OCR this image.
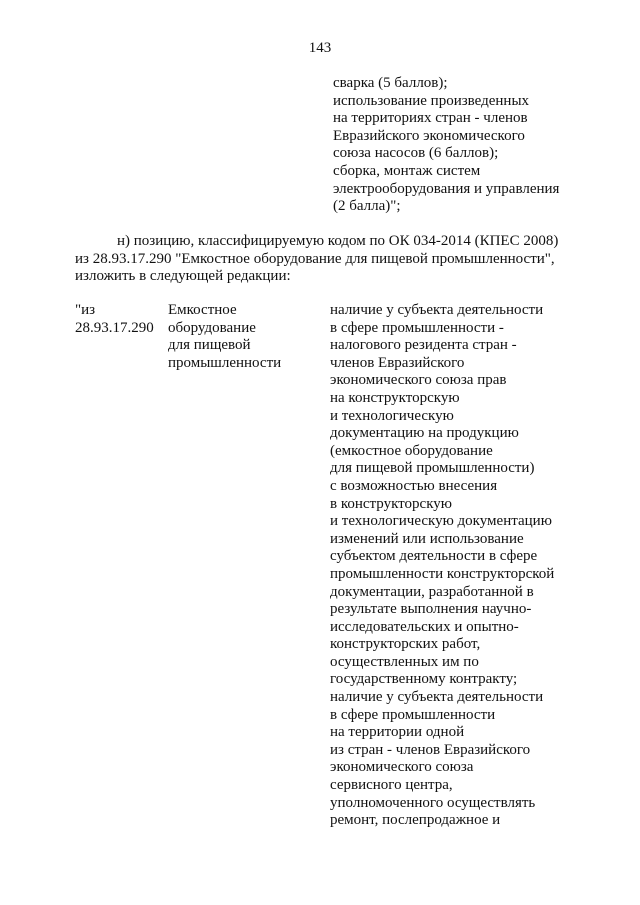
143
сварка (5 баллов);
использование произведенных
на территориях стран - членов
Евразийского экономического
союза насосов (6 баллов);
сборка, монтаж систем
электрооборудования и управления
(2 балла)";
н) позицию, классифицируемую кодом по ОК 034-2014 (КПЕС 2008)
из 28.93.17.290 "Емкостное оборудование для пищевой промышленности",
изложить в следующей редакции:
"из
28.93.17.290
Емкостное
оборудование
для пищевой
промышленности
наличие у субъекта деятельности
в сфере промышленности -
налогового резидента стран -
членов Евразийского
экономического союза прав
на конструкторскую
и технологическую
документацию на продукцию
(емкостное оборудование
для пищевой промышленности)
с возможностью внесения
в конструкторскую
и технологическую документацию
изменений или использование
субъектом деятельности в сфере
промышленности конструкторской
документации, разработанной в
результате выполнения научно-
исследовательских и опытно-
конструкторских работ,
осуществленных им по
государственному контракту;
наличие у субъекта деятельности
в сфере промышленности
на территории одной
из стран - членов Евразийского
экономического союза
сервисного центра,
уполномоченного осуществлять
ремонт, послепродажное и
